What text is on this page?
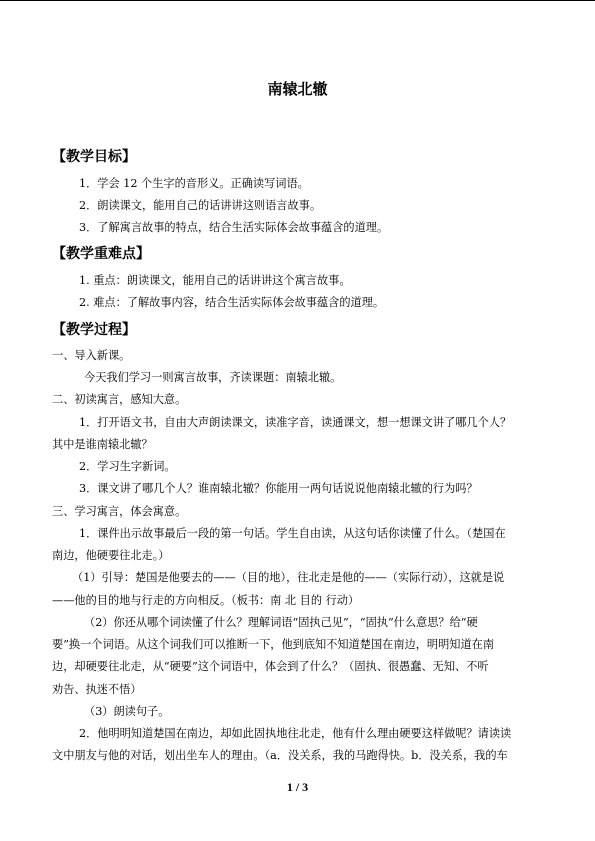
南辕北辙
【教学目标】
1．学会 12 个生字的音形义。正确读写词语。
2．朗读课文，能用自己的话讲讲这则语言故事。
3．了解寓言故事的特点，结合生活实际体会故事蕴含的道理。
【教学重难点】
1. 重点：朗读课文，能用自己的话讲讲这个寓言故事。
2. 难点：了解故事内容，结合生活实际体会故事蕴含的道理。
【教学过程】
一、导入新课。
今天我们学习一则寓言故事，齐读课题：南辕北辙。
二、初读寓言，感知大意。
1．打开语文书，自由大声朗读课文，读准字音，读通课文，想一想课文讲了哪几个人？
其中是谁南辕北辙？
2．学习生字新词。
3．课文讲了哪几个人？谁南辕北辙？你能用一两句话说说他南辕北辙的行为吗？
三、学习寓言，体会寓意。
1．课件出示故事最后一段的第一句话。学生自由读，从这句话你读懂了什么。（楚国在
南边，他硬要往北走。）
（1）引导：楚国是他要去的——（目的地），往北走是他的——（实际行动），这就是说
——他的目的地与行走的方向相反。（板书：南 北 目的 行动）
（2）你还从哪个词读懂了什么？理解词语“固执己见”，“固执”什么意思？给“硬
要”换一个词语。从这个词我们可以推断一下，他到底知不知道楚国在南边，明明知道在南
边，却硬要往北走，从“硬要”这个词语中，体会到了什么？（固执、很愚蠢、无知、不听
劝告、执迷不悟）
（3）朗读句子。
2．他明明知道楚国在南边，却如此固执地往北走，他有什么理由硬要这样做呢？请读读
文中朋友与他的对话，划出坐车人的理由。（a．没关系，我的马跑得快。b．没关系，我的车
1 / 3
